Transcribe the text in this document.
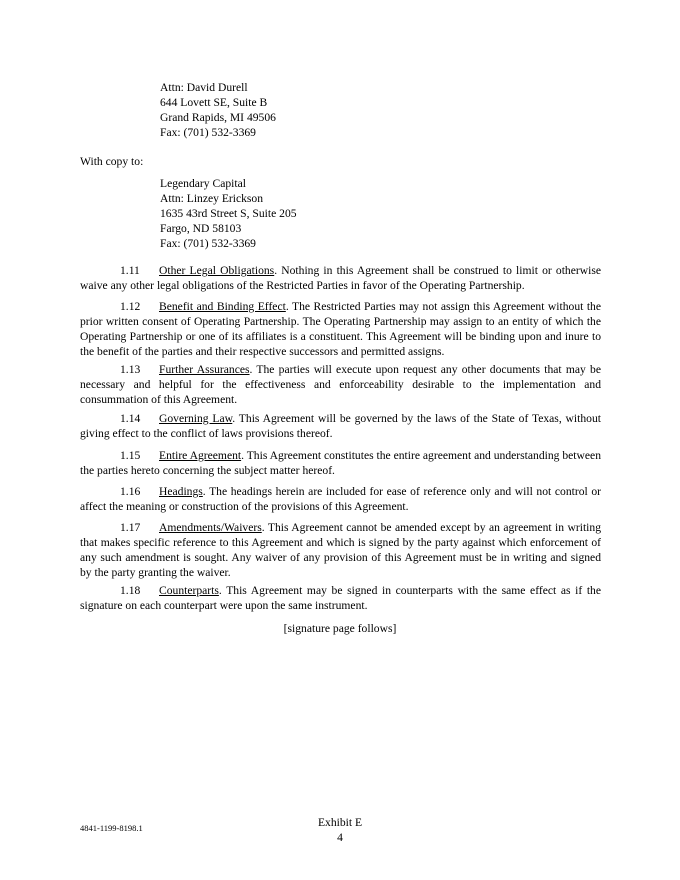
Attn: David Durell
644 Lovett SE, Suite B
Grand Rapids, MI 49506
Fax: (701) 532-3369
With copy to:
Legendary Capital
Attn: Linzey Erickson
1635 43rd Street S, Suite 205
Fargo, ND 58103
Fax: (701) 532-3369
1.11 Other Legal Obligations. Nothing in this Agreement shall be construed to limit or otherwise waive any other legal obligations of the Restricted Parties in favor of the Operating Partnership.
1.12 Benefit and Binding Effect. The Restricted Parties may not assign this Agreement without the prior written consent of Operating Partnership. The Operating Partnership may assign to an entity of which the Operating Partnership or one of its affiliates is a constituent. This Agreement will be binding upon and inure to the benefit of the parties and their respective successors and permitted assigns.
1.13 Further Assurances. The parties will execute upon request any other documents that may be necessary and helpful for the effectiveness and enforceability desirable to the implementation and consummation of this Agreement.
1.14 Governing Law. This Agreement will be governed by the laws of the State of Texas, without giving effect to the conflict of laws provisions thereof.
1.15 Entire Agreement. This Agreement constitutes the entire agreement and understanding between the parties hereto concerning the subject matter hereof.
1.16 Headings. The headings herein are included for ease of reference only and will not control or affect the meaning or construction of the provisions of this Agreement.
1.17 Amendments/Waivers. This Agreement cannot be amended except by an agreement in writing that makes specific reference to this Agreement and which is signed by the party against which enforcement of any such amendment is sought. Any waiver of any provision of this Agreement must be in writing and signed by the party granting the waiver.
1.18 Counterparts. This Agreement may be signed in counterparts with the same effect as if the signature on each counterpart were upon the same instrument.
[signature page follows]
4841-1199-8198.1	Exhibit E
4
